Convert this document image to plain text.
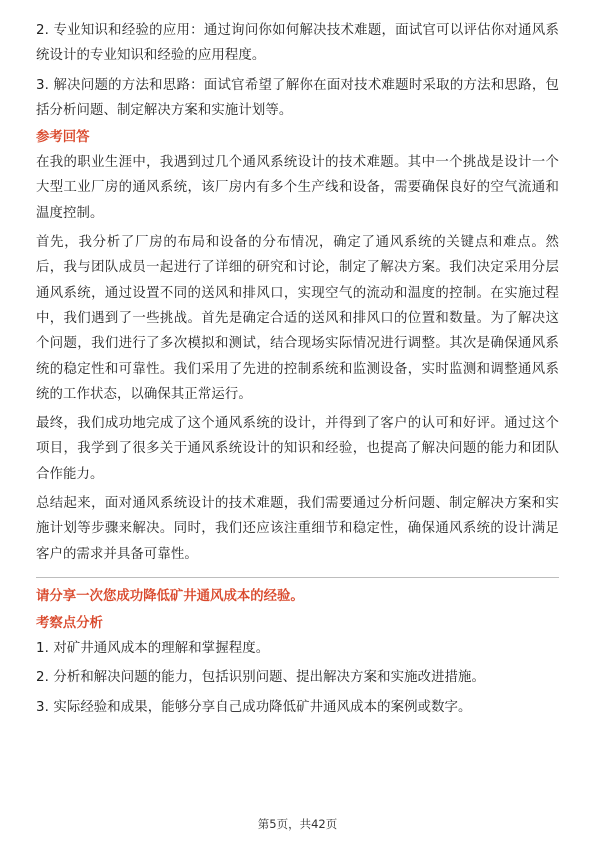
2. 专业知识和经验的应用：通过询问你如何解决技术难题，面试官可以评估你对通风系统设计的专业知识和经验的应用程度。

3. 解决问题的方法和思路：面试官希望了解你在面对技术难题时采取的方法和思路，包括分析问题、制定解决方案和实施计划等。

参考回答

在我的职业生涯中，我遇到过几个通风系统设计的技术难题。其中一个挑战是设计一个大型工业厂房的通风系统，该厂房内有多个生产线和设备，需要确保良好的空气流通和温度控制。

首先，我分析了厂房的布局和设备的分布情况，确定了通风系统的关键点和难点。然后，我与团队成员一起进行了详细的研究和讨论，制定了解决方案。我们决定采用分层通风系统，通过设置不同的送风和排风口，实现空气的流动和温度的控制。在实施过程中，我们遇到了一些挑战。首先是确定合适的送风和排风口的位置和数量。为了解决这个问题，我们进行了多次模拟和测试，结合现场实际情况进行调整。其次是确保通风系统的稳定性和可靠性。我们采用了先进的控制系统和监测设备，实时监测和调整通风系统的工作状态，以确保其正常运行。

最终，我们成功地完成了这个通风系统的设计，并得到了客户的认可和好评。通过这个项目，我学到了很多关于通风系统设计的知识和经验，也提高了解决问题的能力和团队合作能力。

总结起来，面对通风系统设计的技术难题，我们需要通过分析问题、制定解决方案和实施计划等步骤来解决。同时，我们还应该注重细节和稳定性，确保通风系统的设计满足客户的需求并具备可靠性。

请分享一次您成功降低矿井通风成本的经验。

考察点分析

1. 对矿井通风成本的理解和掌握程度。

2. 分析和解决问题的能力，包括识别问题、提出解决方案和实施改进措施。

3. 实际经验和成果，能够分享自己成功降低矿井通风成本的案例或数字。

第5页，共42页
